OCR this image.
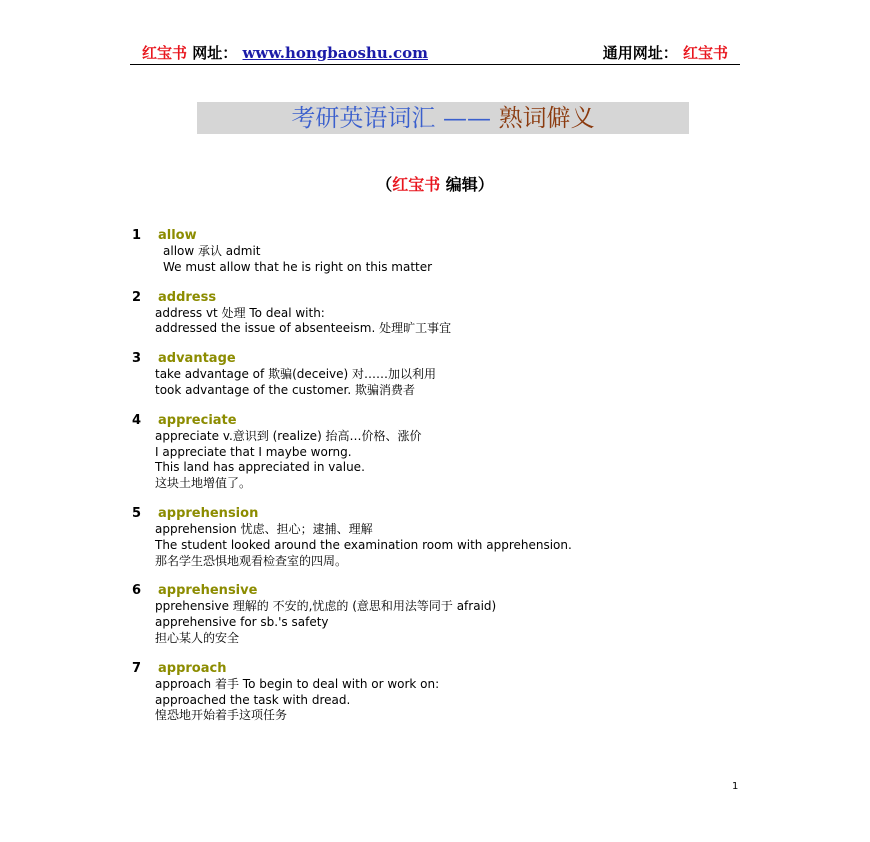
红宝书 网址： www.hongbaoshu.com	通用网址： 红宝书
考研英语词汇 —— 熟词僻义
（红宝书 编辑）
1 allow
allow 承认 admit
We must allow that he is right on this matter
2 address
address vt 处理 To deal with:
addressed the issue of absenteeism. 处理旷工事宜
3 advantage
take advantage of 欺骗(deceive) 对……加以利用
took advantage of the customer. 欺骗消费者
4 appreciate
appreciate v.意识到 (realize) 抬高…价格、涨价
I appreciate that I maybe worng.
This land has appreciated in value.
这块土地增值了。
5 apprehension
apprehension 忧虑、担心；逮捕、理解
The student looked around the examination room with apprehension.
那名学生恐惧地观看检查室的四周。
6 apprehensive
pprehensive 理解的 不安的,忧虑的 (意思和用法等同于 afraid)
apprehensive for sb.'s safety
担心某人的安全
7 approach
approach 着手 To begin to deal with or work on:
approached the task with dread.
惶恐地开始着手这项任务
1
